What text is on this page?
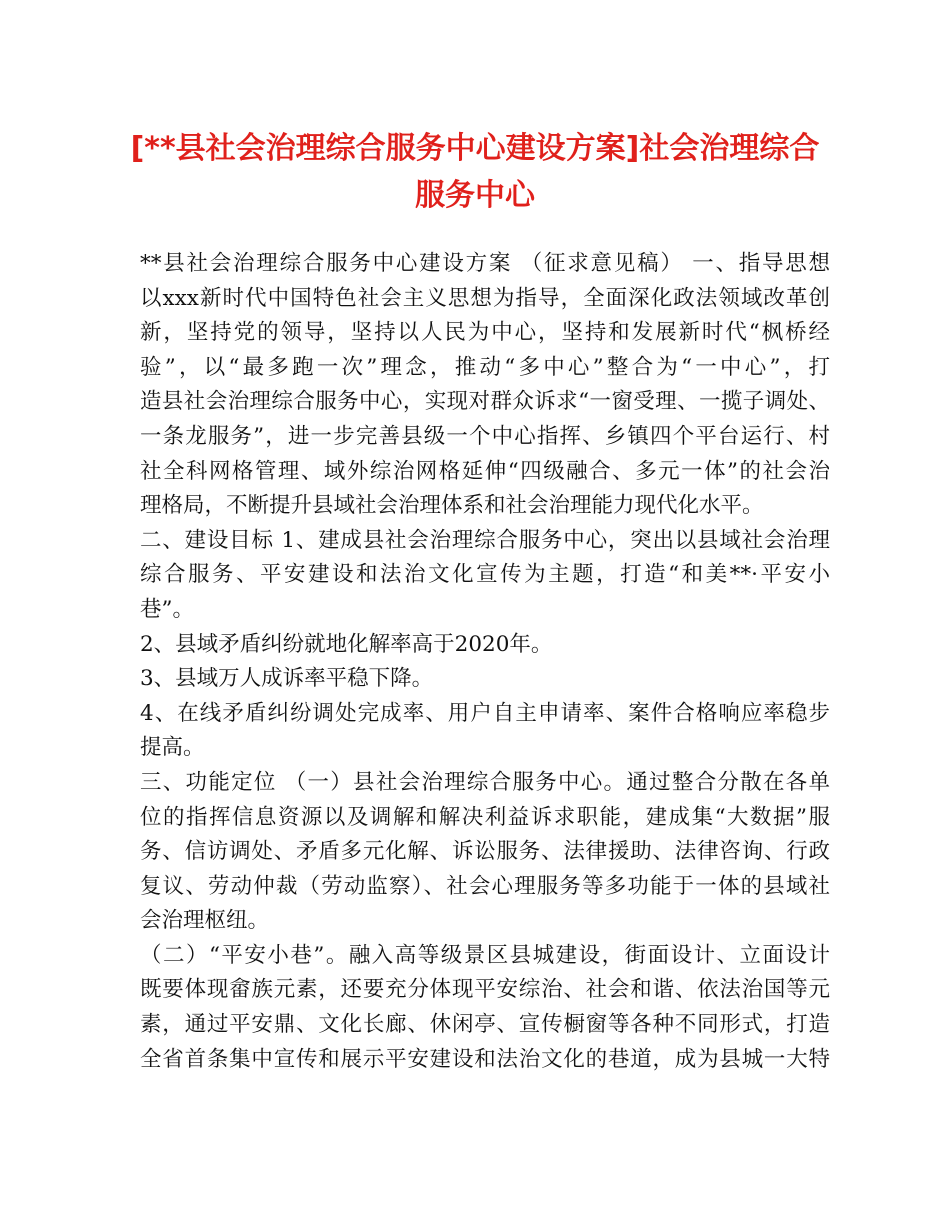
[**县社会治理综合服务中心建设方案]社会治理综合
服务中心
**县社会治理综合服务中心建设方案 （征求意见稿） 一、指导思想
以xxx新时代中国特色社会主义思想为指导，全面深化政法领域改革创
新，坚持党的领导，坚持以人民为中心，坚持和发展新时代“枫桥经
验”，以“最多跑一次”理念，推动“多中心”整合为“一中心”，打
造县社会治理综合服务中心，实现对群众诉求“一窗受理、一揽子调处、
一条龙服务”，进一步完善县级一个中心指挥、乡镇四个平台运行、村
社全科网格管理、域外综治网格延伸“四级融合、多元一体”的社会治
理格局，不断提升县域社会治理体系和社会治理能力现代化水平。
二、建设目标 1、建成县社会治理综合服务中心，突出以县域社会治理
综合服务、平安建设和法治文化宣传为主题，打造“和美**·平安小
巷”。
2、县域矛盾纠纷就地化解率高于2020年。
3、县域万人成诉率平稳下降。
4、在线矛盾纠纷调处完成率、用户自主申请率、案件合格响应率稳步
提高。
三、功能定位 （一）县社会治理综合服务中心。通过整合分散在各单
位的指挥信息资源以及调解和解决利益诉求职能，建成集“大数据”服
务、信访调处、矛盾多元化解、诉讼服务、法律援助、法律咨询、行政
复议、劳动仲裁（劳动监察）、社会心理服务等多功能于一体的县域社
会治理枢纽。
（二）“平安小巷”。融入高等级景区县城建设，街面设计、立面设计
既要体现畲族元素，还要充分体现平安综治、社会和谐、依法治国等元
素，通过平安鼎、文化长廊、休闲亭、宣传橱窗等各种不同形式，打造
全省首条集中宣传和展示平安建设和法治文化的巷道，成为县城一大特
